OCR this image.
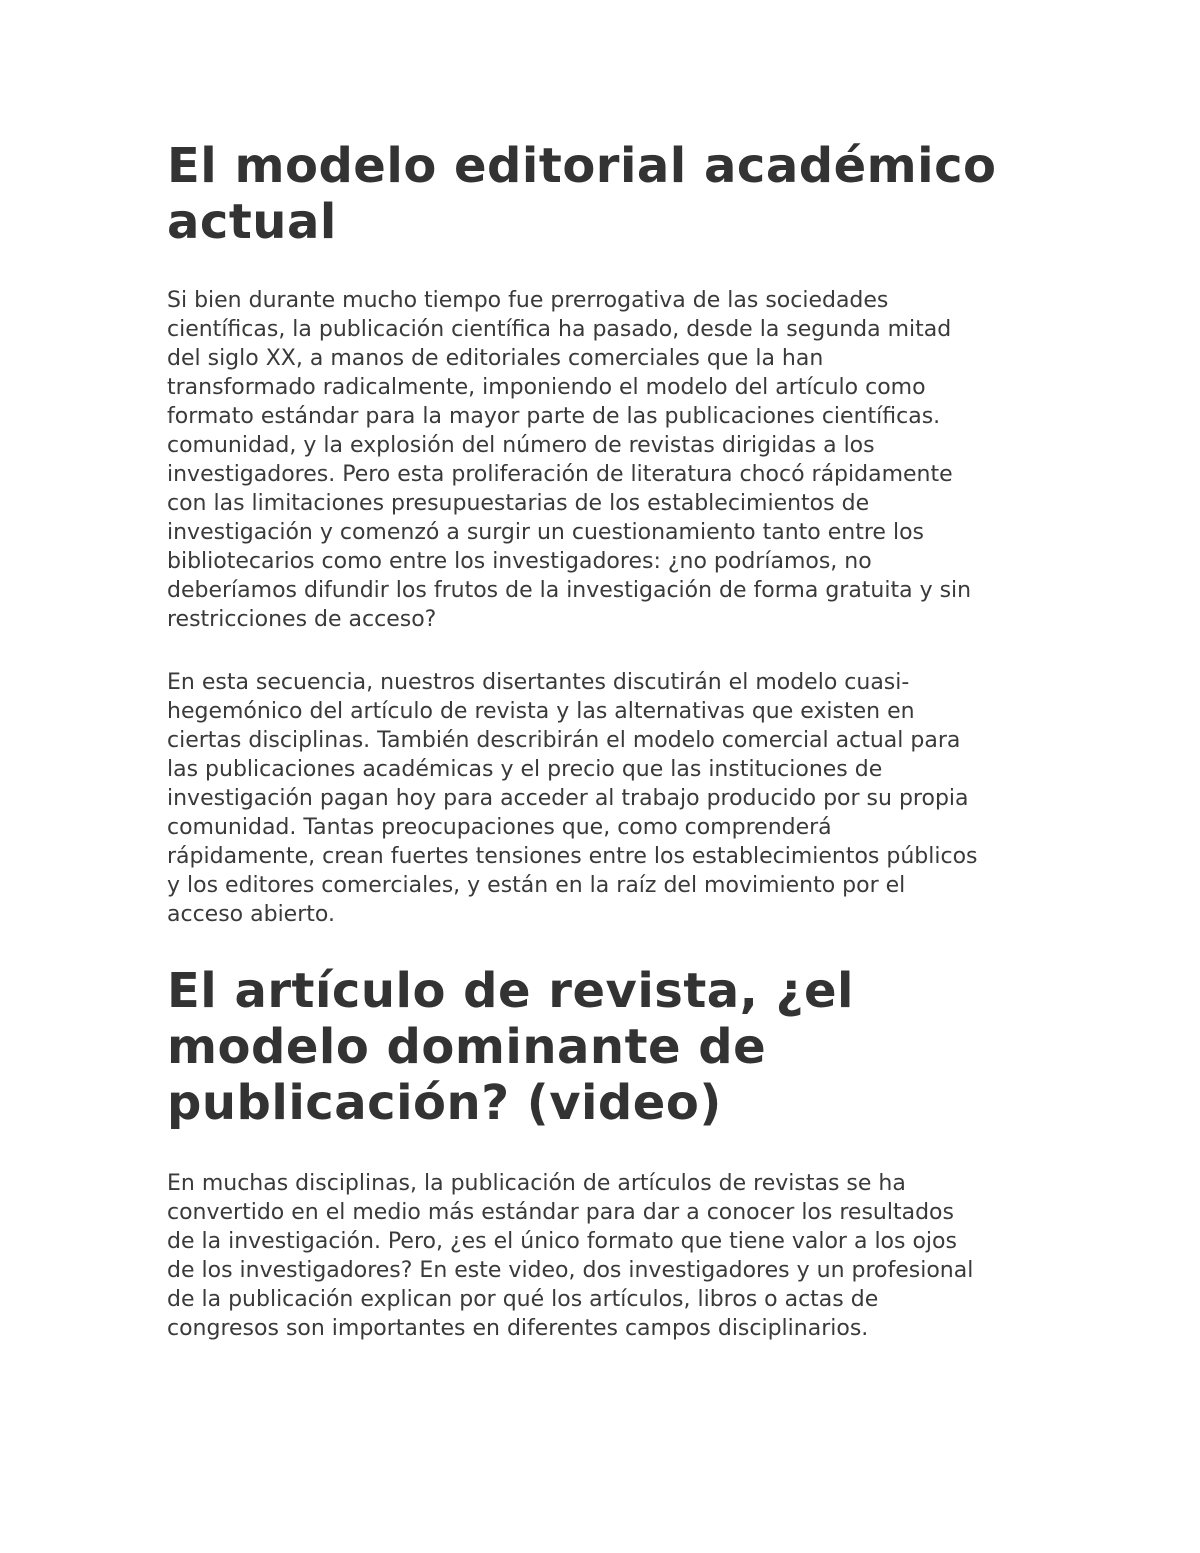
El modelo editorial académico actual

Si bien durante mucho tiempo fue prerrogativa de las sociedades
científicas, la publicación científica ha pasado, desde la segunda mitad
del siglo XX, a manos de editoriales comerciales que la han
transformado radicalmente, imponiendo el modelo del artículo como
formato estándar para la mayor parte de las publicaciones científicas.
comunidad, y la explosión del número de revistas dirigidas a los
investigadores. Pero esta proliferación de literatura chocó rápidamente
con las limitaciones presupuestarias de los establecimientos de
investigación y comenzó a surgir un cuestionamiento tanto entre los
bibliotecarios como entre los investigadores: ¿no podríamos, no
deberíamos difundir los frutos de la investigación de forma gratuita y sin
restricciones de acceso?

En esta secuencia, nuestros disertantes discutirán el modelo cuasi-
hegemónico del artículo de revista y las alternativas que existen en
ciertas disciplinas. También describirán el modelo comercial actual para
las publicaciones académicas y el precio que las instituciones de
investigación pagan hoy para acceder al trabajo producido por su propia
comunidad. Tantas preocupaciones que, como comprenderá
rápidamente, crean fuertes tensiones entre los establecimientos públicos
y los editores comerciales, y están en la raíz del movimiento por el
acceso abierto.

El artículo de revista, ¿el modelo dominante de publicación? (video)

En muchas disciplinas, la publicación de artículos de revistas se ha
convertido en el medio más estándar para dar a conocer los resultados
de la investigación. Pero, ¿es el único formato que tiene valor a los ojos
de los investigadores? En este video, dos investigadores y un profesional
de la publicación explican por qué los artículos, libros o actas de
congresos son importantes en diferentes campos disciplinarios.
